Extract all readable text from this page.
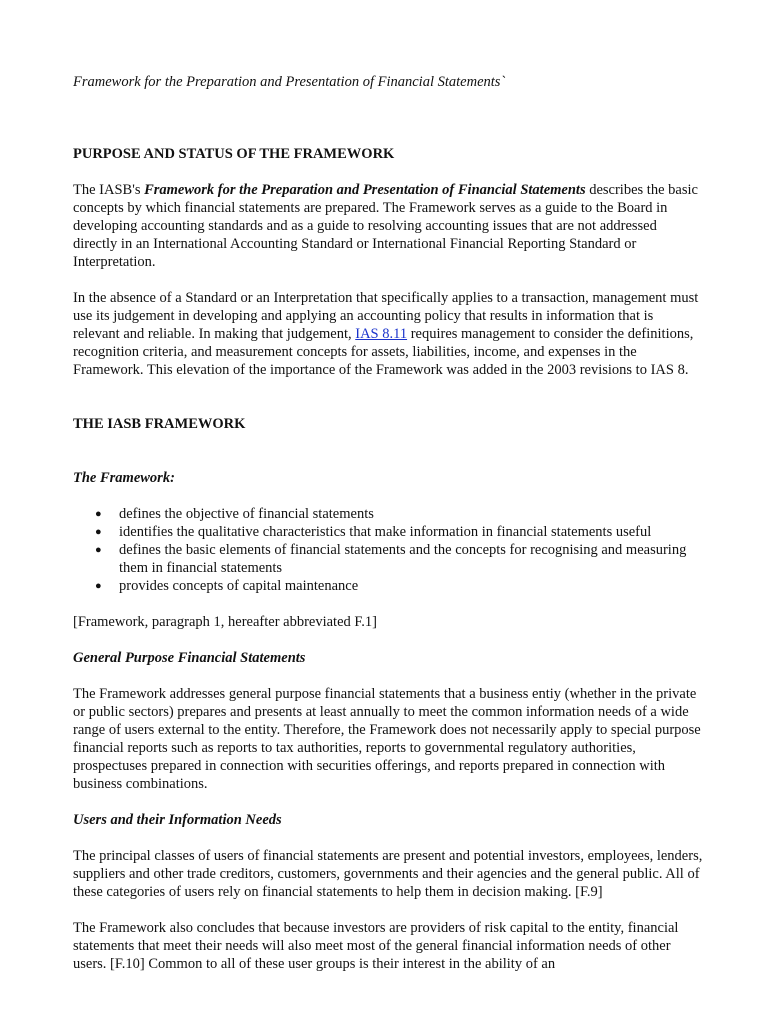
Framework for the Preparation and Presentation of Financial Statements`

PURPOSE AND STATUS OF THE FRAMEWORK

The IASB's Framework for the Preparation and Presentation of Financial Statements describes the basic concepts by which financial statements are prepared. The Framework serves as a guide to the Board in developing accounting standards and as a guide to resolving accounting issues that are not addressed directly in an International Accounting Standard or International Financial Reporting Standard or Interpretation.

In the absence of a Standard or an Interpretation that specifically applies to a transaction, management must use its judgement in developing and applying an accounting policy that results in information that is relevant and reliable. In making that judgement, IAS 8.11 requires management to consider the definitions, recognition criteria, and measurement concepts for assets, liabilities, income, and expenses in the Framework. This elevation of the importance of the Framework was added in the 2003 revisions to IAS 8.

THE IASB FRAMEWORK
The Framework:
● defines the objective of financial statements
● identifies the qualitative characteristics that make information in financial statements useful
● defines the basic elements of financial statements and the concepts for recognising and measuring them in financial statements
● provides concepts of capital maintenance

[Framework, paragraph 1, hereafter abbreviated F.1]

General Purpose Financial Statements

The Framework addresses general purpose financial statements that a business entiy (whether in the private or public sectors) prepares and presents at least annually to meet the common information needs of a wide range of users external to the entity. Therefore, the Framework does not necessarily apply to special purpose financial reports such as reports to tax authorities, reports to governmental regulatory authorities, prospectuses prepared in connection with securities offerings, and reports prepared in connection with business combinations.

Users and their Information Needs

The principal classes of users of financial statements are present and potential investors, employees, lenders, suppliers and other trade creditors, customers, governments and their agencies and the general public. All of these categories of users rely on financial statements to help them in decision making. [F.9]

The Framework also concludes that because investors are providers of risk capital to the entity, financial statements that meet their needs will also meet most of the general financial information needs of other users. [F.10] Common to all of these user groups is their interest in the ability of an
